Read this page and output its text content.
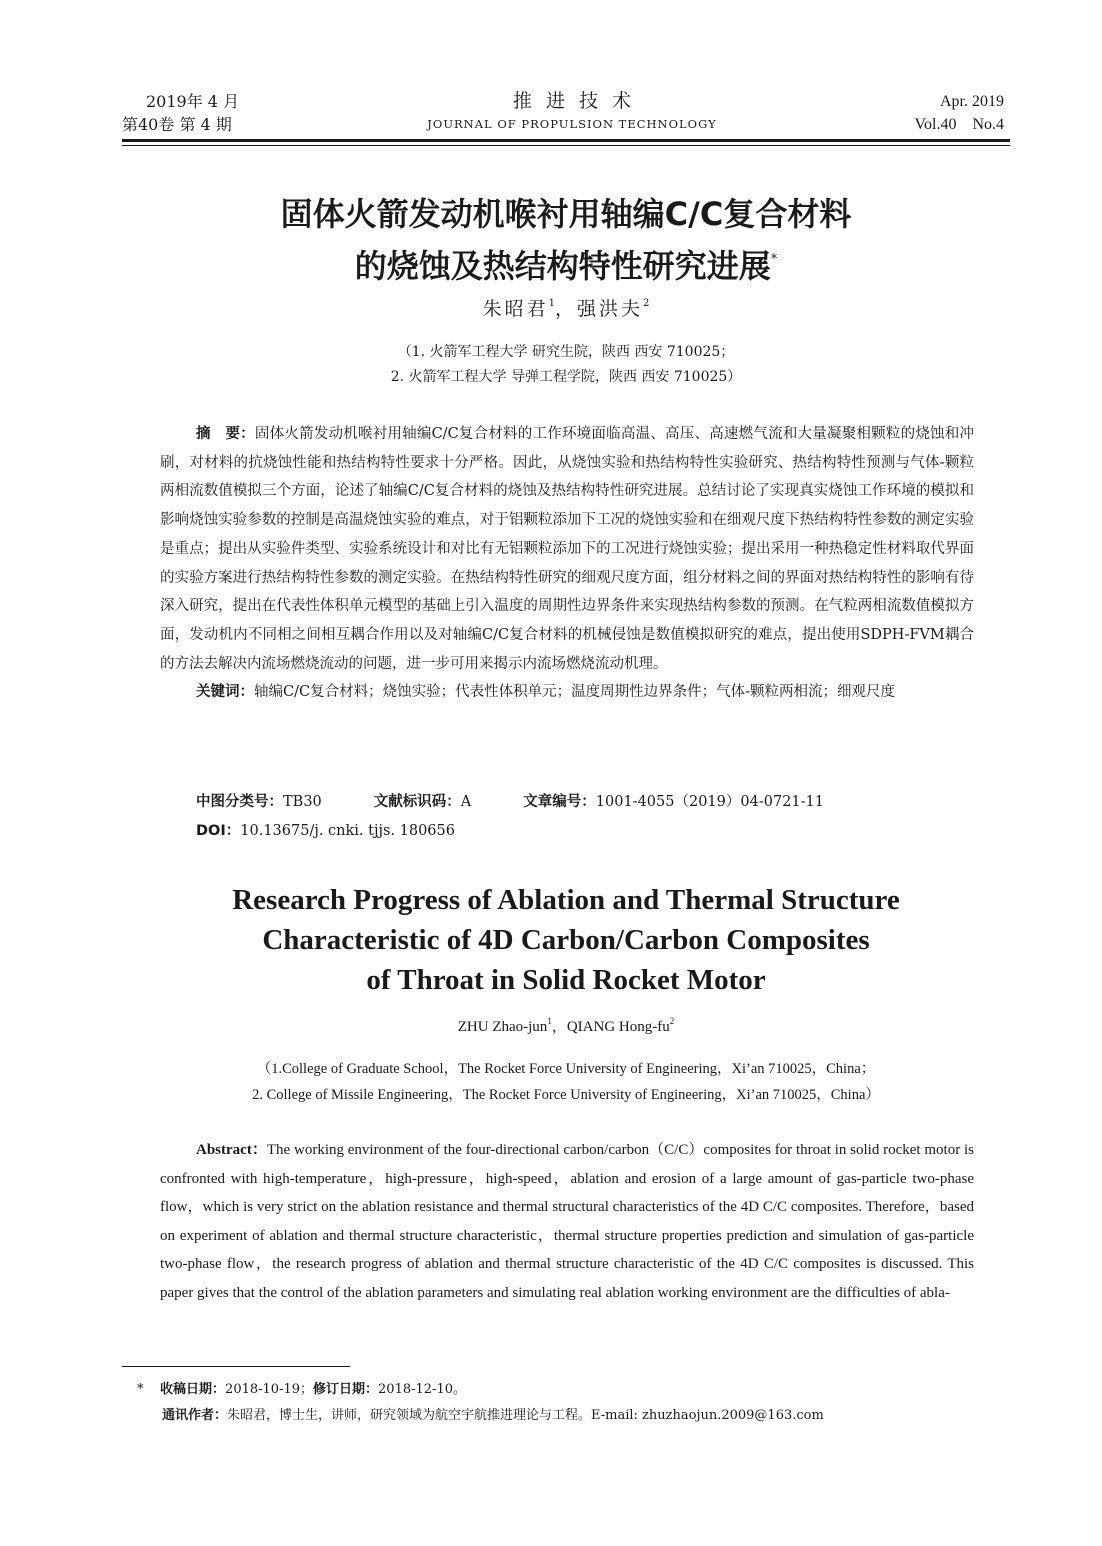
2019年 4 月
第40卷 第 4 期
推进技术
JOURNAL OF PROPULSION TECHNOLOGY
Apr. 2019
Vol.40    No.4
固体火箭发动机喉衬用轴编C/C复合材料
的烧蚀及热结构特性研究进展*
朱昭君$^1$，强洪夫$^2$
（1. 火箭军工程大学 研究生院，陕西 西安 710025；
2. 火箭军工程大学 导弹工程学院，陕西 西安 710025）

摘　要：固体火箭发动机喉衬用轴编C/C复合材料的工作环境面临高温、高压、高速燃气流和大量凝聚相颗粒的烧蚀和冲刷，对材料的抗烧蚀性能和热结构特性要求十分严格。因此，从烧蚀实验和热结构特性实验研究、热结构特性预测与气体-颗粒两相流数值模拟三个方面，论述了轴编C/C复合材料的烧蚀及热结构特性研究进展。总结讨论了实现真实烧蚀工作环境的模拟和影响烧蚀实验参数的控制是高温烧蚀实验的难点，对于铝颗粒添加下工况的烧蚀实验和在细观尺度下热结构特性参数的测定实验是重点；提出从实验件类型、实验系统设计和对比有无铝颗粒添加下的工况进行烧蚀实验；提出采用一种热稳定性材料取代界面的实验方案进行热结构特性参数的测定实验。在热结构特性研究的细观尺度方面，组分材料之间的界面对热结构特性的影响有待深入研究，提出在代表性体积单元模型的基础上引入温度的周期性边界条件来实现热结构参数的预测。在气粒两相流数值模拟方面，发动机内不同相之间相互耦合作用以及对轴编C/C复合材料的机械侵蚀是数值模拟研究的难点，提出使用SDPH-FVM耦合的方法去解决内流场燃烧流动的问题，进一步可用来揭示内流场燃烧流动机理。

关键词：轴编C/C复合材料；烧蚀实验；代表性体积单元；温度周期性边界条件；气体-颗粒两相流；细观尺度

中图分类号：TB30	文献标识码：A	文章编号：1001-4055（2019）04-0721-11
DOI：10.13675/j. cnki. tjjs. 180656
Research Progress of Ablation and Thermal Structure
Characteristic of 4D Carbon/Carbon Composites
of Throat in Solid Rocket Motor
ZHU Zhao-jun$^1$，QIANG Hong-$fu^2$
（1.College of Graduate School，The Rocket Force University of Engineering，Xi’an 710025，China；
2. College of Missile Engineering，The Rocket Force University of Engineering，Xi’an 710025，China）

Abstract：The working environment of the four-directional carbon/carbon（C/C）composites for throat in solid rocket motor is confronted with high-temperature，high-pressure，high-speed，ablation and erosion of a large amount of gas-particle two-phase flow，which is very strict on the ablation resistance and thermal structural characteristics of the 4D C/C composites. Therefore，based on experiment of ablation and thermal structure characteristic，thermal structure properties prediction and simulation of gas-particle two-phase flow，the research progress of ablation and thermal structure characteristic of the 4D C/C composites is discussed. This paper gives that the control of the ablation parameters and simulating real ablation working environment are the difficulties of abla-

* 收稿日期：2018-10-19；修订日期：2018-12-10。
通讯作者：朱昭君，博士生，讲师，研究领域为航空宇航推进理论与工程。E-mail: zhuzhaojun.2009@163.com
